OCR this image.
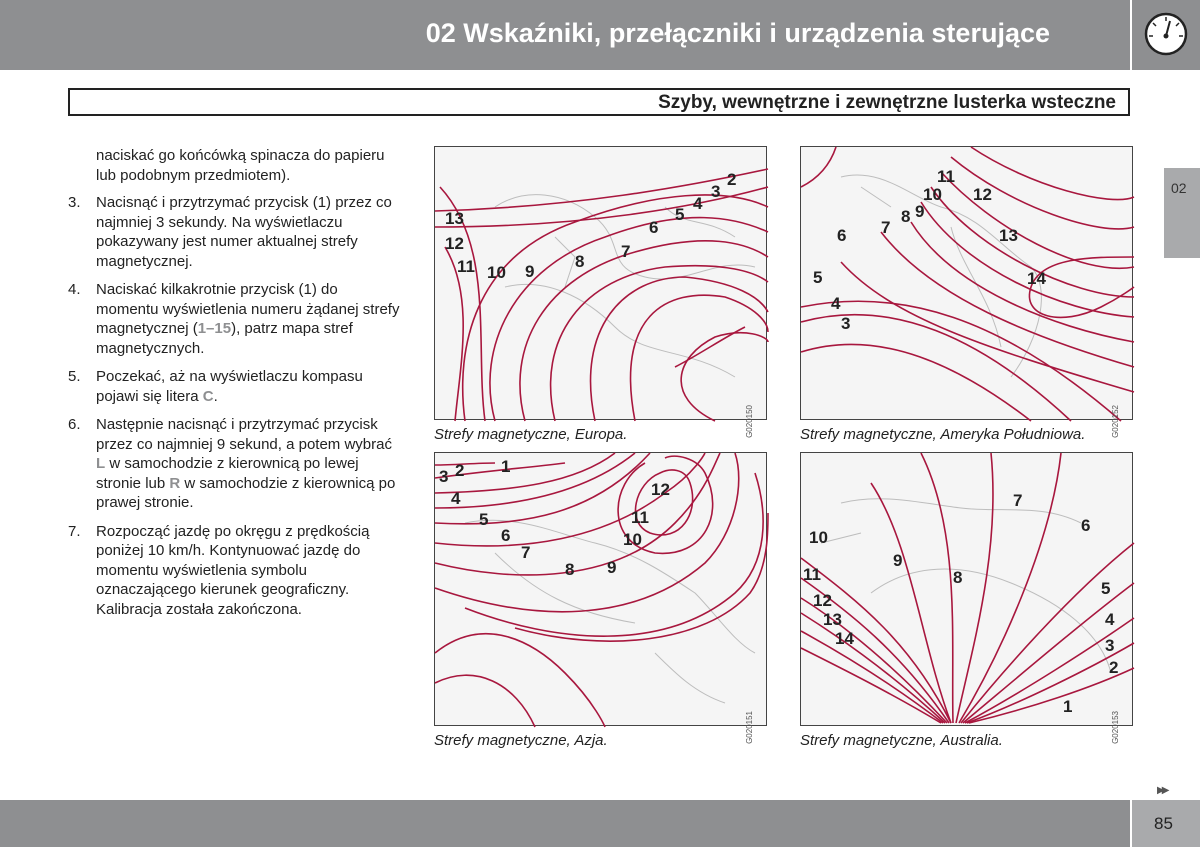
02 Wskaźniki, przełączniki i urządzenia sterujące
Szyby, wewnętrzne i zewnętrzne lusterka wsteczne
02

naciskać go końcówką spinacza do papieru lub podobnym przedmiotem).

3. Nacisnąć i przytrzymać przycisk (1) przez co najmniej 3 sekundy. Na wyświetlaczu pokazywany jest numer aktualnej strefy magnetycznej.
4. Naciskać kilkakrotnie przycisk (1) do momentu wyświetlenia numeru żądanej strefy magnetycznej (1–15), patrz mapa stref magnetycznych.
5. Poczekać, aż na wyświetlaczu kompasu pojawi się litera C.
6. Następnie nacisnąć i przytrzymać przycisk przez co najmniej 9 sekund, a potem wybrać L w samochodzie z kierownicą po lewej stronie lub R w samochodzie z kierownicą po prawej stronie.
7. Rozpocząć jazdę po okręgu z prędkością poniżej 10 km/h. Kontynuować jazdę do momentu wyświetlenia symbolu oznaczającego kierunek geograficzny. Kalibracja została zakończona.
2
3
4
5
6
7
8
9
10
11
12
13
G020150
Strefy magnetyczne, Europa.
11
10 12
9
8
7
6	13
14
5
4
3
G020152
Strefy magnetyczne, Ameryka Południowa.
1
2
3
4	12
11
5
10
6
7
8 9
G020151
Strefy magnetyczne, Azja.
7
6
10
9
8
11
5
12
4
13
3
14
2
1
G020153
Strefy magnetyczne, Australia.
▶▶
85
